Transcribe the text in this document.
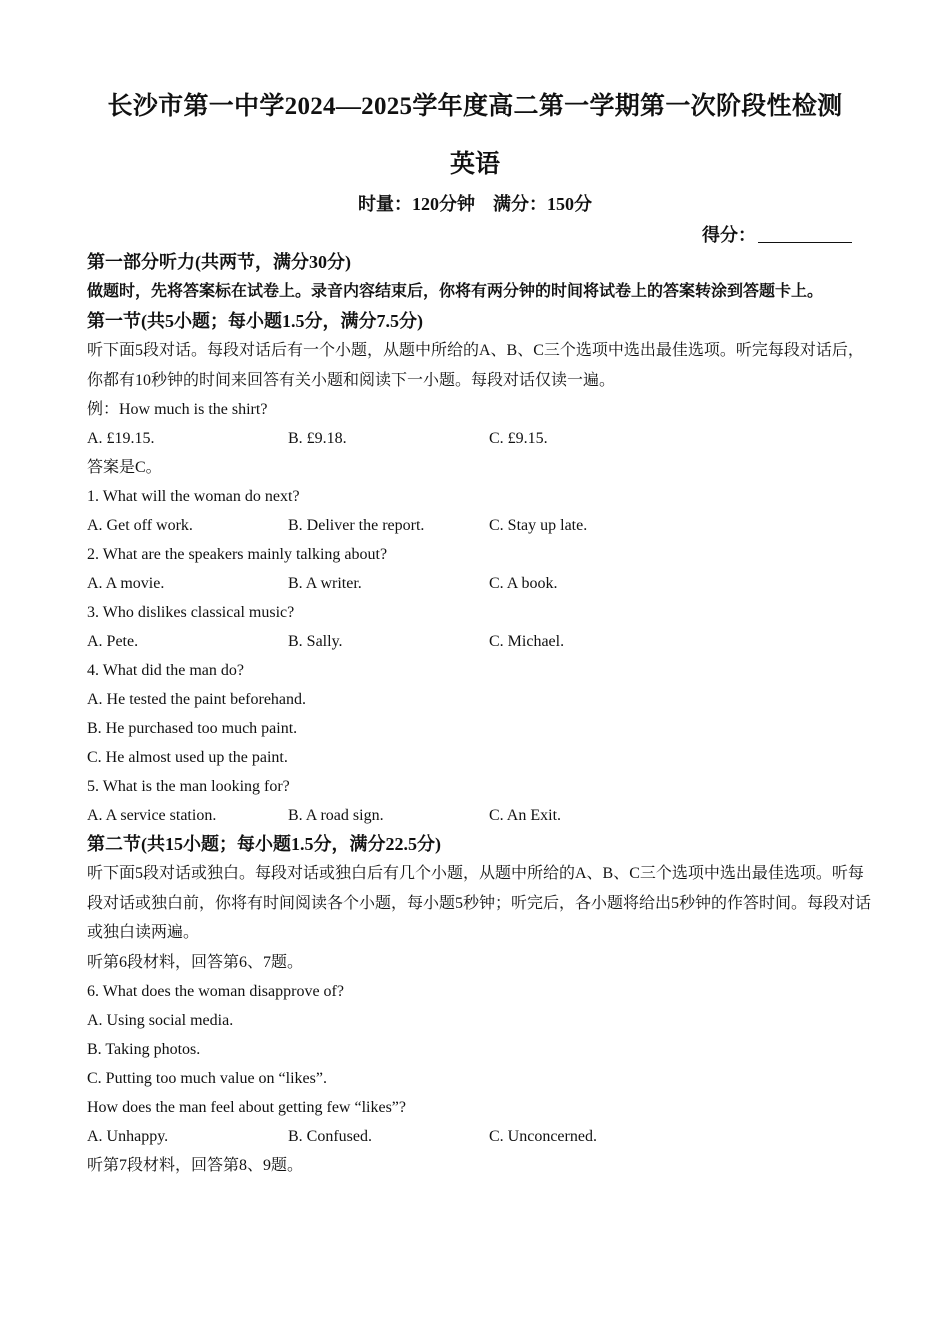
长沙市第一中学2024—2025学年度高二第一学期第一次阶段性检测
英语
时量：120分钟　满分：150分
得分：
第一部分听力(共两节，满分30分)
做题时，先将答案标在试卷上。录音内容结束后，你将有两分钟的时间将试卷上的答案转涂到答题卡上。
第一节(共5小题；每小题1.5分，满分7.5分)
听下面5段对话。每段对话后有一个小题，从题中所给的A、B、C三个选项中选出最佳选项。听完每段对话后，你都有10秒钟的时间来回答有关小题和阅读下一小题。每段对话仅读一遍。
例：How much is the shirt?
A. £19.15.	B. £9.18.	C. £9.15.
答案是C。
1. What will the woman do next?
A. Get off work.	B. Deliver the report.	C. Stay up late.
2. What are the speakers mainly talking about?
A. A movie.	B. A writer.	C. A book.
3. Who dislikes classical music?
A. Pete.	B. Sally.	C. Michael.
4. What did the man do?
A. He tested the paint beforehand.
B. He purchased too much paint.
C. He almost used up the paint.
5. What is the man looking for?
A. A service station.	B. A road sign.	C. An Exit.
第二节(共15小题；每小题1.5分，满分22.5分)
听下面5段对话或独白。每段对话或独白后有几个小题，从题中所给的A、B、C三个选项中选出最佳选项。听每段对话或独白前，你将有时间阅读各个小题，每小题5秒钟；听完后，各小题将给出5秒钟的作答时间。每段对话或独白读两遍。
听第6段材料，回答第6、7题。
6. What does the woman disapprove of?
A. Using social media.
B. Taking photos.
C. Putting too much value on “likes”.
How does the man feel about getting few “likes”?
A. Unhappy.	B. Confused.	C. Unconcerned.
听第7段材料，回答第8、9题。
